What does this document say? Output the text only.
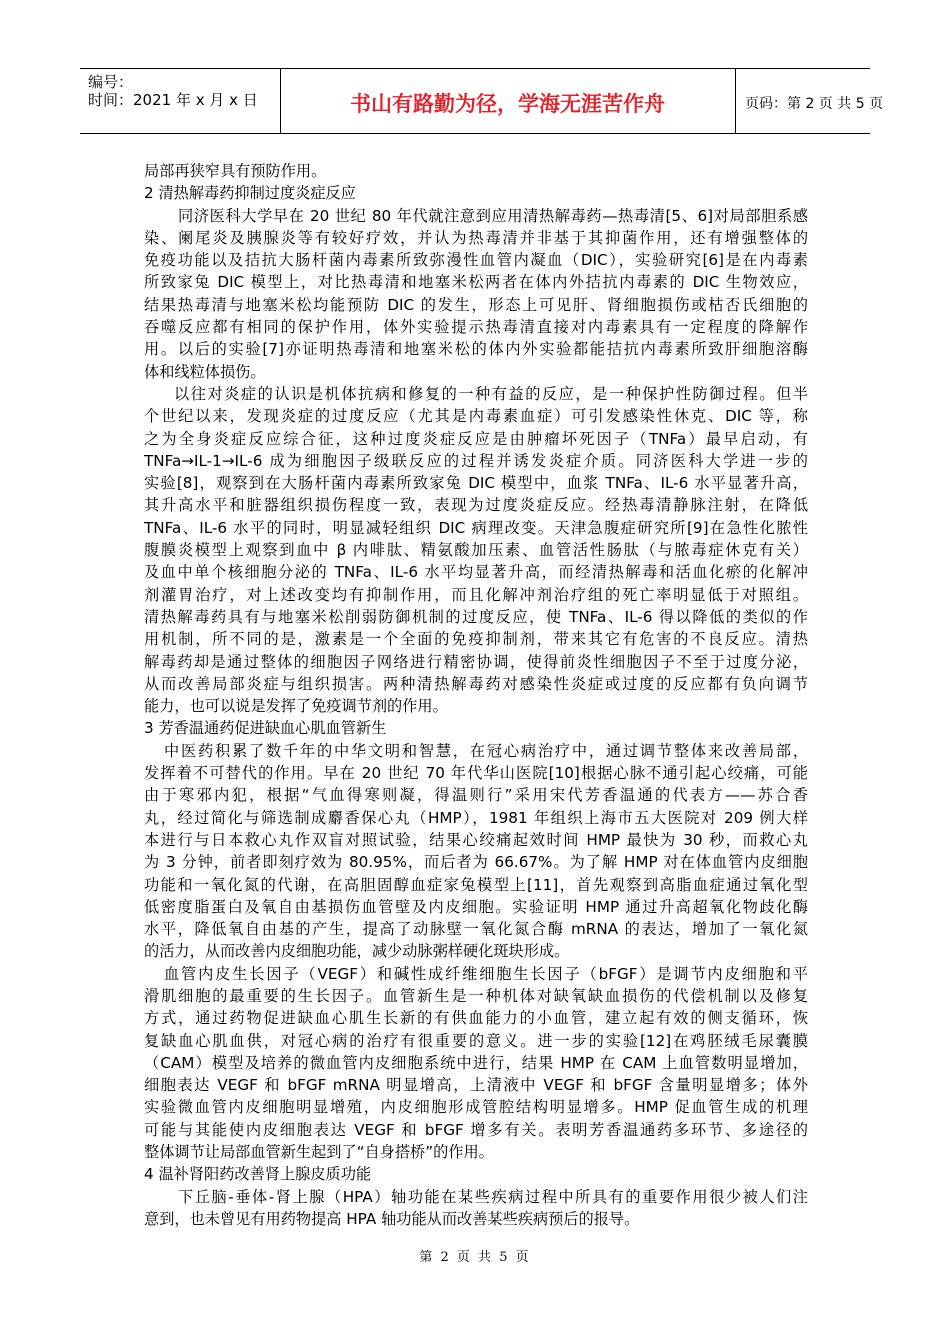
编号：
时间：2021 年 x 月 x 日	书山有路勤为径，学海无涯苦作舟	页码：第 2 页 共 5 页
局部再狭窄具有预防作用。
2 清热解毒药抑制过度炎症反应
同济医科大学早在 20 世纪 80 年代就注意到应用清热解毒药—热毒清[5、6]对局部胆系感
染、阑尾炎及胰腺炎等有较好疗效，并认为热毒清并非基于其抑菌作用，还有增强整体的
免疫功能以及拮抗大肠杆菌内毒素所致弥漫性血管内凝血（DIC），实验研究[6]是在内毒素
所致家兔 DIC 模型上，对比热毒清和地塞米松两者在体内外拮抗内毒素的 DIC 生物效应，
结果热毒清与地塞米松均能预防 DIC 的发生，形态上可见肝、肾细胞损伤或枯否氏细胞的
吞噬反应都有相同的保护作用，体外实验提示热毒清直接对内毒素具有一定程度的降解作
用。以后的实验[7]亦证明热毒清和地塞米松的体内外实验都能拮抗内毒素所致肝细胞溶酶
体和线粒体损伤。
以往对炎症的认识是机体抗病和修复的一种有益的反应，是一种保护性防御过程。但半
个世纪以来，发现炎症的过度反应（尤其是内毒素血症）可引发感染性休克、DIC 等，称
之为全身炎症反应综合征，这种过度炎症反应是由肿瘤坏死因子（TNFa）最早启动，有
TNFa→IL-1→IL-6 成为细胞因子级联反应的过程并诱发炎症介质。同济医科大学进一步的
实验[8]，观察到在大肠杆菌内毒素所致家兔 DIC 模型中，血浆 TNFa、IL-6 水平显著升高，
其升高水平和脏器组织损伤程度一致，表现为过度炎症反应。经热毒清静脉注射，在降低
TNFa、IL-6 水平的同时，明显减轻组织 DIC 病理改变。天津急腹症研究所[9]在急性化脓性
腹膜炎模型上观察到血中 β 内啡肽、精氨酸加压素、血管活性肠肽（与脓毒症休克有关）
及血中单个核细胞分泌的 TNFa、IL-6 水平均显著升高，而经清热解毒和活血化瘀的化解冲
剂灌胃治疗，对上述改变均有抑制作用，而且化解冲剂治疗组的死亡率明显低于对照组。
清热解毒药具有与地塞米松削弱防御机制的过度反应，使 TNFa、IL-6 得以降低的类似的作
用机制，所不同的是，激素是一个全面的免疫抑制剂，带来其它有危害的不良反应。清热
解毒药却是通过整体的细胞因子网络进行精密协调，使得前炎性细胞因子不至于过度分泌，
从而改善局部炎症与组织损害。两种清热解毒药对感染性炎症或过度的反应都有负向调节
能力，也可以说是发挥了免疫调节剂的作用。
3 芳香温通药促进缺血心肌血管新生
中医药积累了数千年的中华文明和智慧，在冠心病治疗中，通过调节整体来改善局部，
发挥着不可替代的作用。早在 20 世纪 70 年代华山医院[10]根据心脉不通引起心绞痛，可能
由于寒邪内犯，根据“气血得寒则凝，得温则行”采用宋代芳香温通的代表方——苏合香
丸，经过简化与筛选制成麝香保心丸（HMP），1981 年组织上海市五大医院对 209 例大样
本进行与日本救心丸作双盲对照试验，结果心绞痛起效时间 HMP 最快为 30 秒，而救心丸
为 3 分钟，前者即刻疗效为 80.95%，而后者为 66.67%。为了解 HMP 对在体血管内皮细胞
功能和一氧化氮的代谢，在高胆固醇血症家兔模型上[11]，首先观察到高脂血症通过氧化型
低密度脂蛋白及氧自由基损伤血管壁及内皮细胞。实验证明 HMP 通过升高超氧化物歧化酶
水平，降低氧自由基的产生，提高了动脉壁一氧化氮合酶 mRNA 的表达，增加了一氧化氮
的活力，从而改善内皮细胞功能，减少动脉粥样硬化斑块形成。
血管内皮生长因子（VEGF）和碱性成纤维细胞生长因子（bFGF）是调节内皮细胞和平
滑肌细胞的最重要的生长因子。血管新生是一种机体对缺氧缺血损伤的代偿机制以及修复
方式，通过药物促进缺血心肌生长新的有供血能力的小血管，建立起有效的侧支循环，恢
复缺血心肌血供，对冠心病的治疗有很重要的意义。进一步的实验[12]在鸡胚绒毛尿囊膜
（CAM）模型及培养的微血管内皮细胞系统中进行，结果 HMP 在 CAM 上血管数明显增加，
细胞表达 VEGF 和 bFGF mRNA 明显增高，上清液中 VEGF 和 bFGF 含量明显增多；体外
实验微血管内皮细胞明显增殖，内皮细胞形成管腔结构明显增多。HMP 促血管生成的机理
可能与其能使内皮细胞表达 VEGF 和 bFGF 增多有关。表明芳香温通药多环节、多途径的
整体调节让局部血管新生起到了“自身搭桥”的作用。
4 温补肾阳药改善肾上腺皮质功能
下丘脑-垂体-肾上腺（HPA）轴功能在某些疾病过程中所具有的重要作用很少被人们注
意到，也未曾见有用药物提高 HPA 轴功能从而改善某些疾病预后的报导。
第 2 页 共 5 页
